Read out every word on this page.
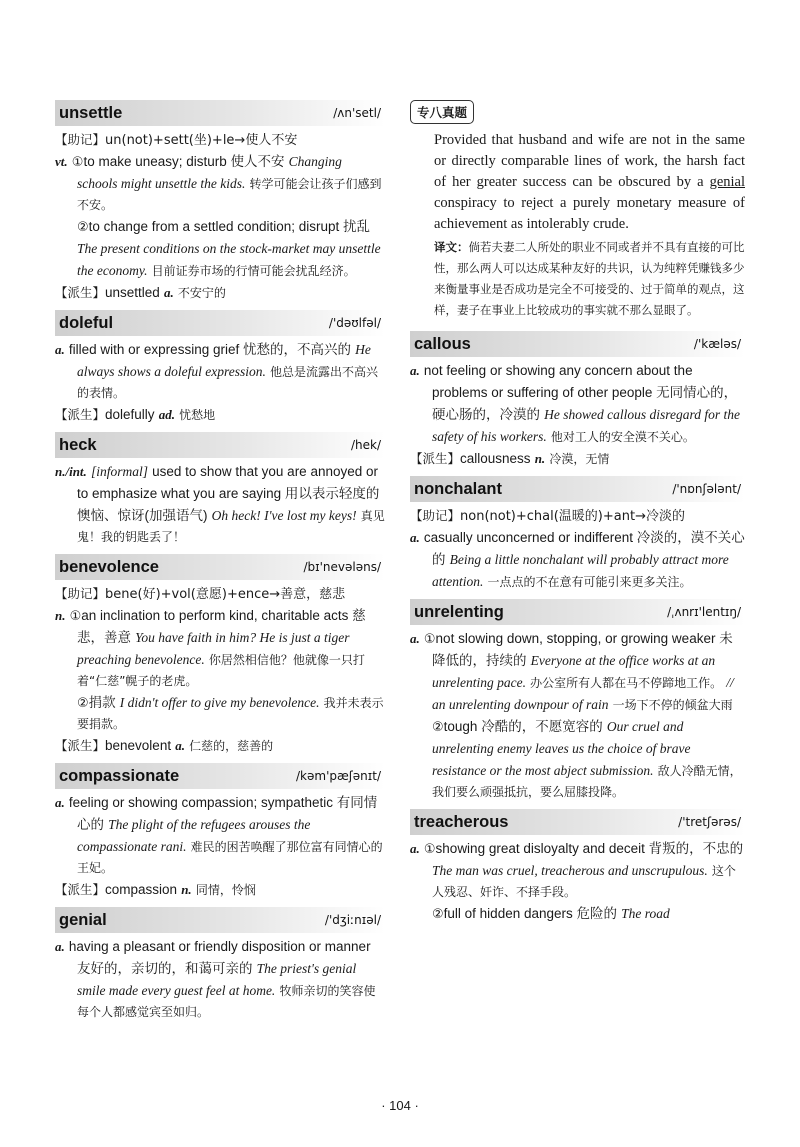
unsettle	/ʌn'setl/

【助记】un(not)+sett(坐)+le→使人不安

vt. ①to make uneasy; disturb 使人不安 Changing schools might unsettle the kids. 转学可能会让孩子们感到不安。

②to change from a settled condition; disrupt 扰乱 The present conditions on the stock-market may unsettle the economy. 目前证券市场的行情可能会扰乱经济。

【派生】unsettled a. 不安宁的

doleful	/'dəʊlfəl/

a. filled with or expressing grief 忧愁的，不高兴的 He always shows a doleful expression. 他总是流露出不高兴的表情。

【派生】dolefully ad. 忧愁地

heck	/hek/

n./int. [informal] used to show that you are annoyed or to emphasize what you are saying 用以表示轻度的懊恼、惊讶(加强语气) Oh heck! I've lost my keys! 真见鬼！我的钥匙丢了！

benevolence	/bɪ'nevələns/

【助记】bene(好)+vol(意愿)+ence→善意，慈悲

n. ①an inclination to perform kind, charitable acts 慈悲，善意 You have faith in him? He is just a tiger preaching benevolence. 你居然相信他？他就像一只打着“仁慈”幌子的老虎。

②捐款 I didn't offer to give my benevolence. 我并未表示要捐款。

【派生】benevolent a. 仁慈的，慈善的

compassionate	/kəm'pæʃənɪt/

a. feeling or showing compassion; sympathetic 有同情心的 The plight of the refugees arouses the compassionate rani. 难民的困苦唤醒了那位富有同情心的王妃。

【派生】compassion n. 同情，怜悯

genial	/'dʒiːnɪəl/

a. having a pleasant or friendly disposition or manner 友好的，亲切的，和蔼可亲的 The priest's genial smile made every guest feel at home. 牧师亲切的笑容使每个人都感觉宾至如归。

专八真题

Provided that husband and wife are not in the same or directly comparable lines of work, the harsh fact of her greater success can be obscured by a genial conspiracy to reject a purely monetary measure of achievement as intolerably crude.

译文：倘若夫妻二人所处的职业不同或者并不具有直接的可比性，那么两人可以达成某种友好的共识，认为纯粹凭赚钱多少来衡量事业是否成功是完全不可接受的、过于简单的观点，这样，妻子在事业上比较成功的事实就不那么显眼了。

callous	/'kæləs/

a. not feeling or showing any concern about the problems or suffering of other people 无同情心的，硬心肠的，冷漠的 He showed callous disregard for the safety of his workers. 他对工人的安全漠不关心。

【派生】callousness n. 冷漠，无情

nonchalant	/'nɒnʃələnt/

【助记】non(not)+chal(温暖的)+ant→冷淡的

a. casually unconcerned or indifferent 冷淡的，漠不关心的 Being a little nonchalant will probably attract more attention. 一点点的不在意有可能引来更多关注。

unrelenting	/ˌʌnrɪ'lentɪŋ/

a. ①not slowing down, stopping, or growing weaker 未降低的，持续的 Everyone at the office works at an unrelenting pace. 办公室所有人都在马不停蹄地工作。 // an unrelenting downpour of rain 一场下不停的倾盆大雨

②tough 冷酷的，不愿宽容的 Our cruel and unrelenting enemy leaves us the choice of brave resistance or the most abject submission. 敌人冷酷无情，我们要么顽强抵抗，要么屈膝投降。

treacherous	/'tretʃərəs/

a. ①showing great disloyalty and deceit 背叛的，不忠的 The man was cruel, treacherous and unscrupulous. 这个人残忍、奸诈、不择手段。

②full of hidden dangers 危险的 The road

· 104 ·
